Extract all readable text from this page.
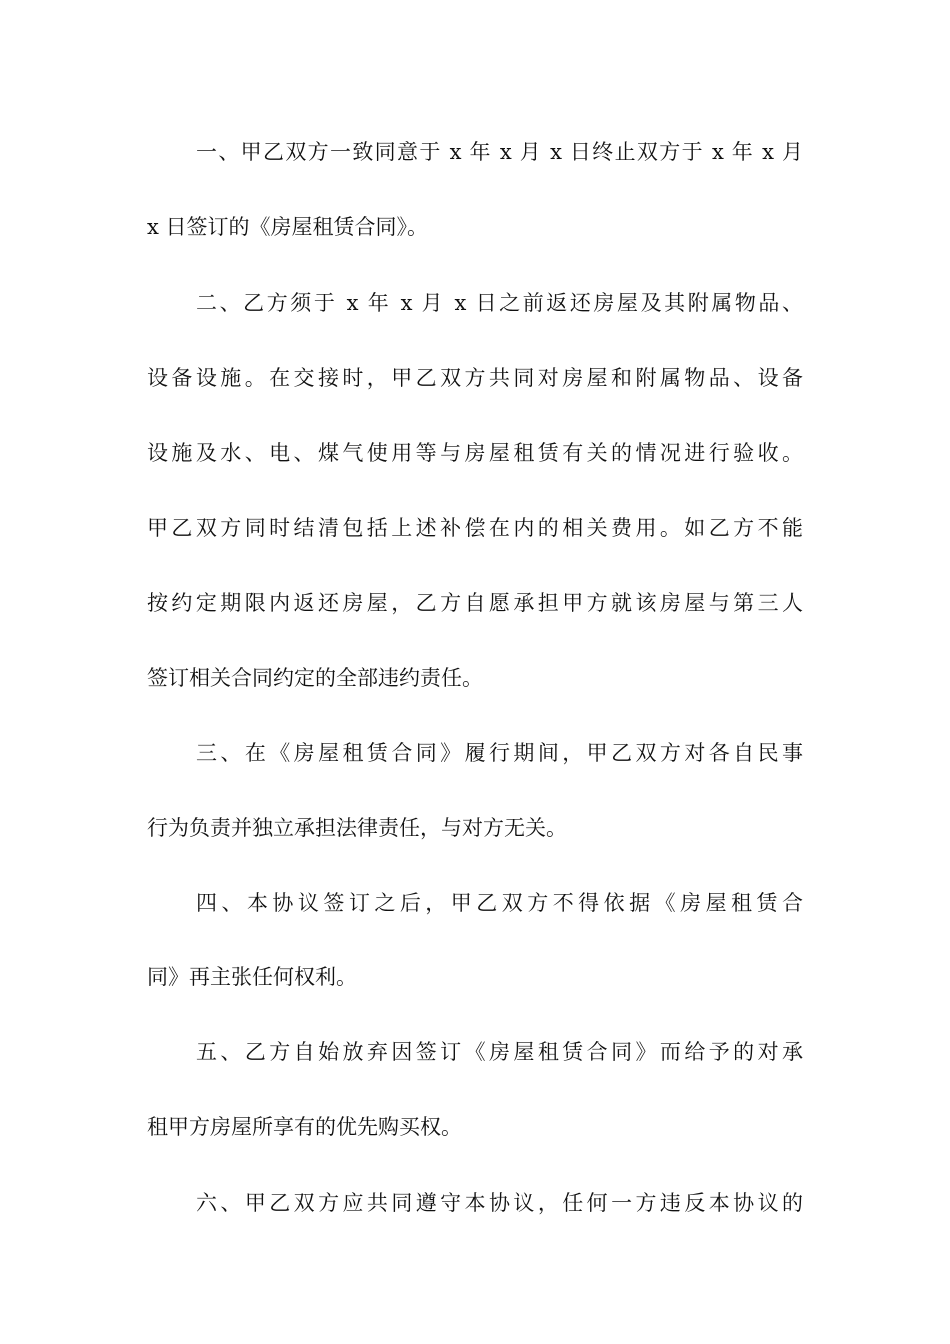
一、甲乙双方一致同意于 x 年 x 月 x 日终止双方于 x 年 x 月
x 日签订的《房屋租赁合同》。
二、乙方须于 x 年 x 月 x 日之前返还房屋及其附属物品、
设备设施。在交接时，甲乙双方共同对房屋和附属物品、设备
设施及水、电、煤气使用等与房屋租赁有关的情况进行验收。
甲乙双方同时结清包括上述补偿在内的相关费用。如乙方不能
按约定期限内返还房屋，乙方自愿承担甲方就该房屋与第三人
签订相关合同约定的全部违约责任。
三、在《房屋租赁合同》履行期间，甲乙双方对各自民事
行为负责并独立承担法律责任，与对方无关。
四、本协议签订之后，甲乙双方不得依据《房屋租赁合
同》再主张任何权利。
五、乙方自始放弃因签订《房屋租赁合同》而给予的对承
租甲方房屋所享有的优先购买权。
六、甲乙双方应共同遵守本协议，任何一方违反本协议的
